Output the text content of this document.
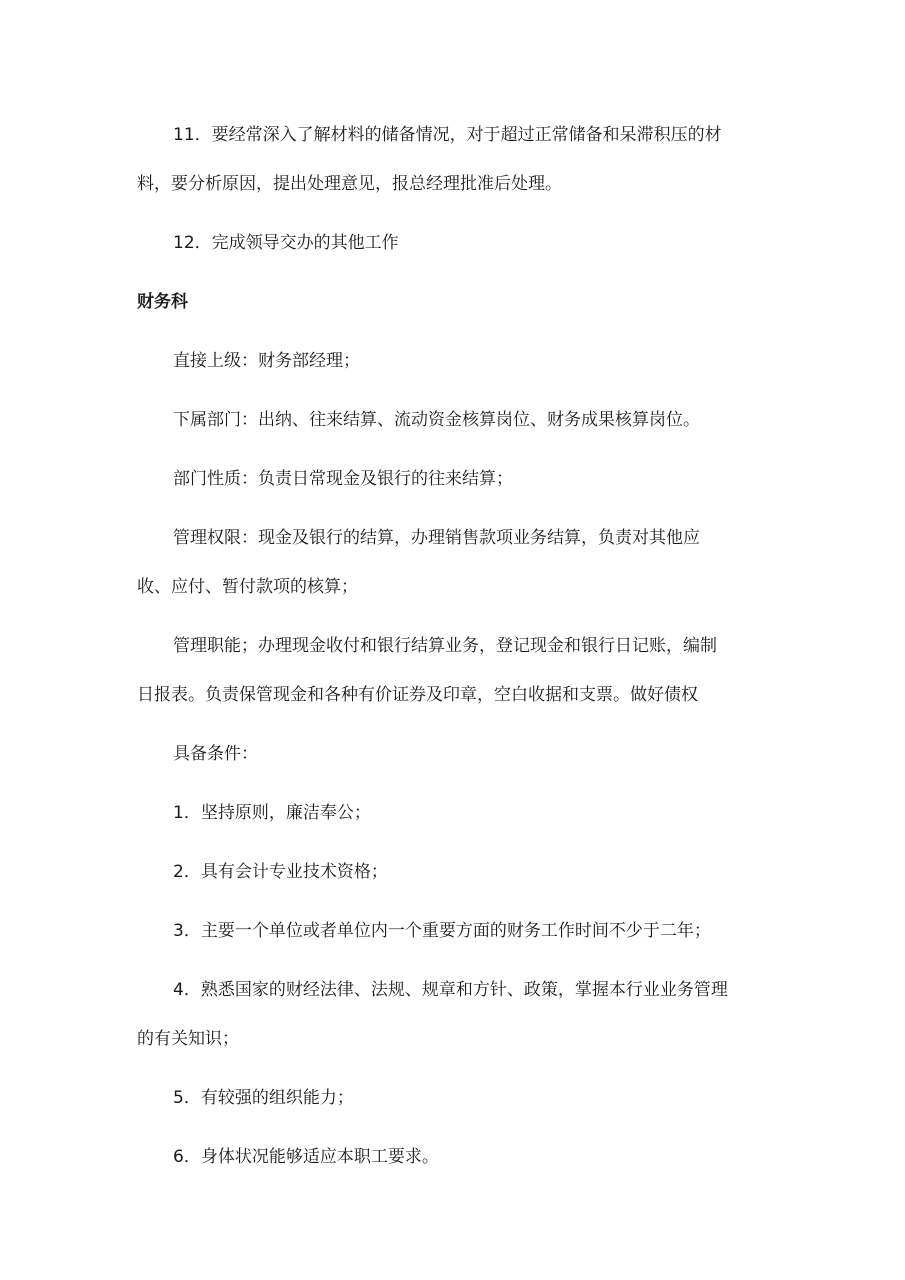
11．要经常深入了解材料的储备情况，对于超过正常储备和呆滞积压的材
料，要分析原因，提出处理意见，报总经理批准后处理。
12．完成领导交办的其他工作
财务科
直接上级：财务部经理；
下属部门：出纳、往来结算、流动资金核算岗位、财务成果核算岗位。
部门性质：负责日常现金及银行的往来结算；
管理权限：现金及银行的结算，办理销售款项业务结算，负责对其他应
收、应付、暂付款项的核算；
管理职能；办理现金收付和银行结算业务，登记现金和银行日记账，编制
日报表。负责保管现金和各种有价证券及印章，空白收据和支票。做好债权
具备条件：
1．坚持原则，廉洁奉公；
2．具有会计专业技术资格；
3．主要一个单位或者单位内一个重要方面的财务工作时间不少于二年；
4．熟悉国家的财经法律、法规、规章和方针、政策，掌握本行业业务管理
的有关知识；
5．有较强的组织能力；
6．身体状况能够适应本职工要求。
